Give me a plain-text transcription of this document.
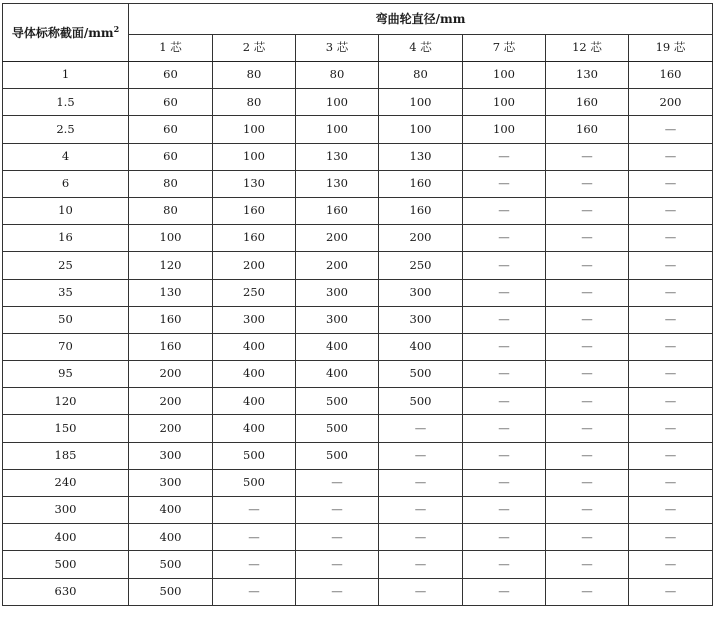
导体标称截面$/mm^2$	弯曲轮直径/mm						
	1 芯	2 芯	3 芯	4 芯	7 芯	12 芯	19 芯
1	60	80	80	80	100	130	160
1.5	60	80	100	100	100	160	200
2.5	60	100	100	100	100	160	—
4	60	100	130	130	—	—	—
6	80	130	130	160	—	—	—
10	80	160	160	160	—	—	—
16	100	160	200	200	—	—	—
25	120	200	200	250	—	—	—
35	130	250	300	300	—	—	—
50	160	300	300	300	—	—	—
70	160	400	400	400	—	—	—
95	200	400	400	500	—	—	—
120	200	400	500	500	—	—	—
150	200	400	500	—	—	—	—
185	300	500	500	—	—	—	—
240	300	500	—	—	—	—	—
300	400	—	—	—	—	—	—
400	400	—	—	—	—	—	—
500	500	—	—	—	—	—	—
630	500	—	—	—	—	—	—
